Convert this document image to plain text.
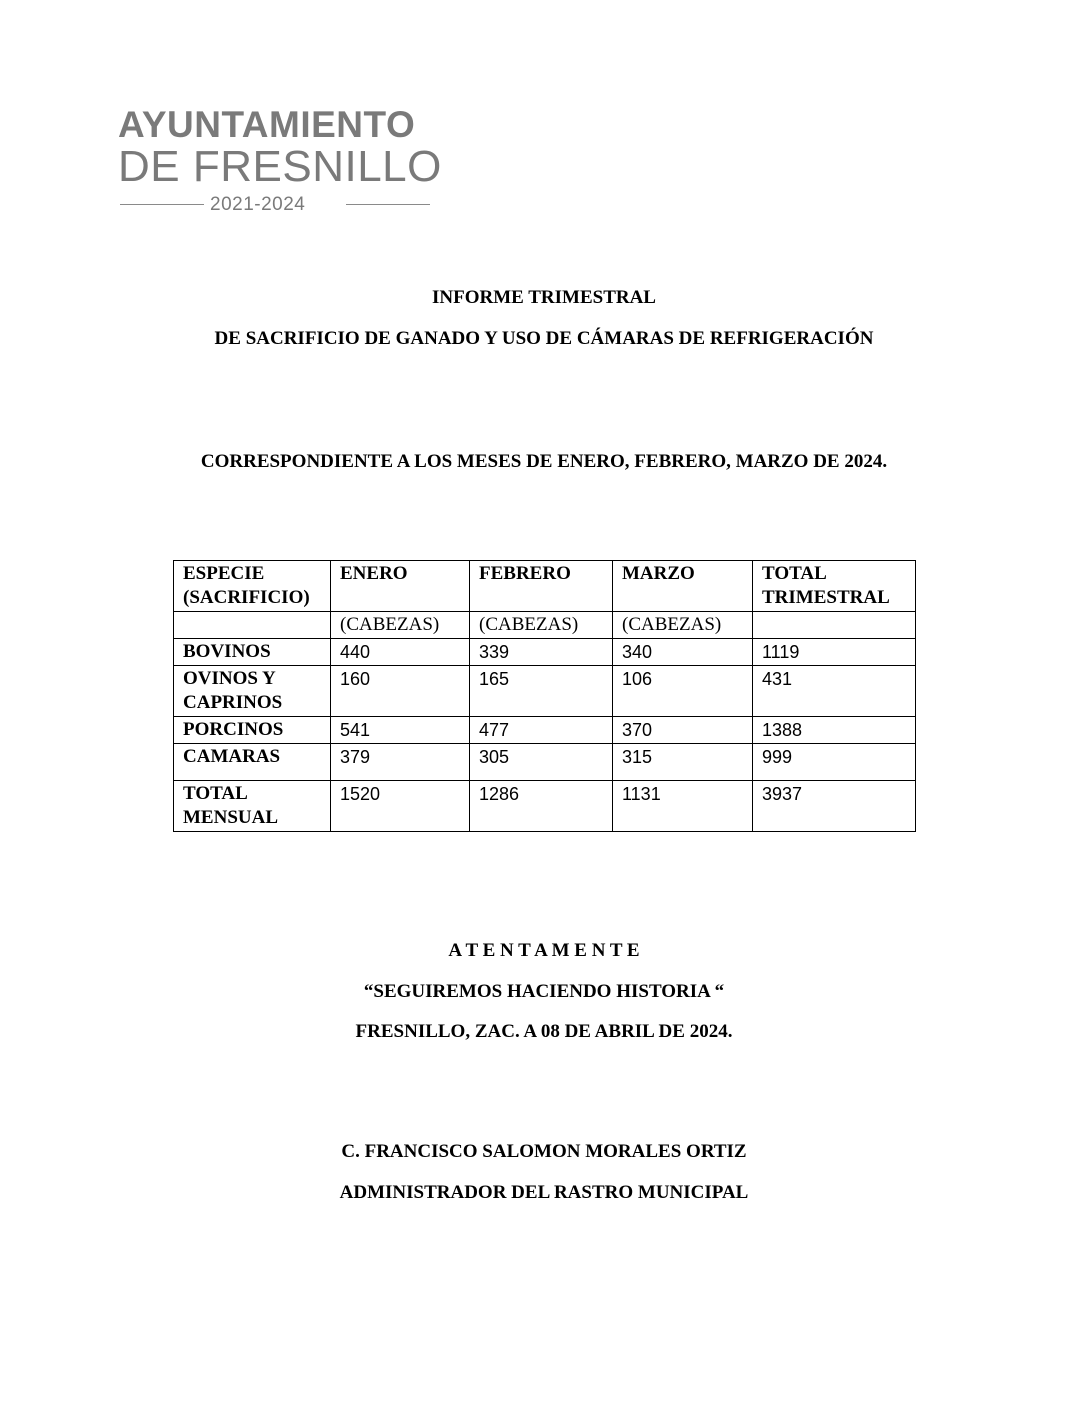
AYUNTAMIENTO
DE FRESNILLO
2021-2024
INFORME TRIMESTRAL
DE SACRIFICIO DE GANADO Y USO DE CÁMARAS DE REFRIGERACIÓN
CORRESPONDIENTE A LOS MESES DE ENERO, FEBRERO, MARZO DE 2024.
ESPECIE (SACRIFICIO)	ENERO	FEBRERO	MARZO	TOTAL TRIMESTRAL
	(CABEZAS)	(CABEZAS)	(CABEZAS)	
BOVINOS	440	339	340	1119
OVINOS Y CAPRINOS	160	165	106	431
PORCINOS	541	477	370	1388
CAMARAS	379	305	315	999
TOTAL MENSUAL	1520	1286	1131	3937
A T E N T A M E N T E
“SEGUIREMOS HACIENDO HISTORIA “
FRESNILLO, ZAC. A 08 DE ABRIL DE 2024.
C. FRANCISCO SALOMON MORALES ORTIZ
ADMINISTRADOR DEL RASTRO MUNICIPAL
